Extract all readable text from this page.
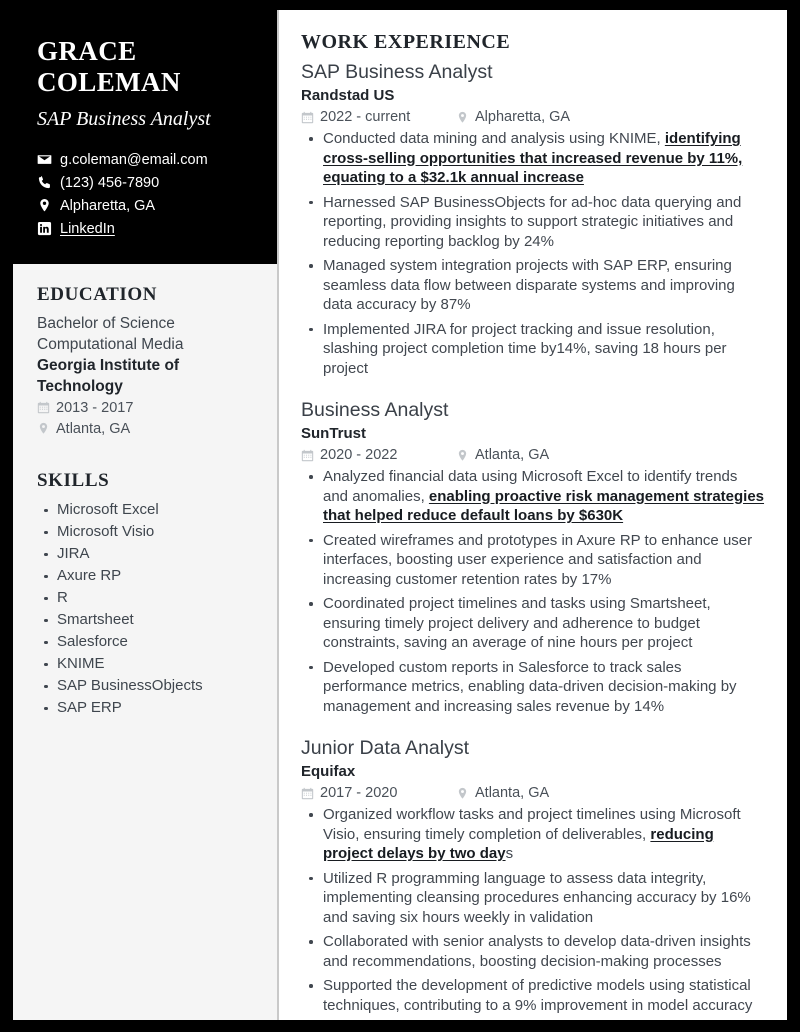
GRACE
COLEMAN
SAP Business Analyst
g.coleman@email.com
(123) 456-7890
Alpharetta, GA
LinkedIn
EDUCATION
Bachelor of Science
Computational Media
Georgia Institute of Technology
2013 - 2017
Atlanta, GA
SKILLS
Microsoft Excel
Microsoft Visio
JIRA
Axure RP
R
Smartsheet
Salesforce
KNIME
SAP BusinessObjects
SAP ERP
WORK EXPERIENCE
SAP Business Analyst
Randstad US
2022 - current	Alpharetta, GA
Conducted data mining and analysis using KNIME, identifying cross-selling opportunities that increased revenue by 11%, equating to a $32.1k annual increase
Harnessed SAP BusinessObjects for ad-hoc data querying and reporting, providing insights to support strategic initiatives and reducing reporting backlog by 24%
Managed system integration projects with SAP ERP, ensuring seamless data flow between disparate systems and improving data accuracy by 87%
Implemented JIRA for project tracking and issue resolution, slashing project completion time by14%, saving 18 hours per project
Business Analyst
SunTrust
2020 - 2022	Atlanta, GA
Analyzed financial data using Microsoft Excel to identify trends and anomalies, enabling proactive risk management strategies that helped reduce default loans by $630K
Created wireframes and prototypes in Axure RP to enhance user interfaces, boosting user experience and satisfaction and increasing customer retention rates by 17%
Coordinated project timelines and tasks using Smartsheet, ensuring timely project delivery and adherence to budget constraints, saving an average of nine hours per project
Developed custom reports in Salesforce to track sales performance metrics, enabling data-driven decision-making by management and increasing sales revenue by 14%
Junior Data Analyst
Equifax
2017 - 2020	Atlanta, GA
Organized workflow tasks and project timelines using Microsoft Visio, ensuring timely completion of deliverables, reducing project delays by two days
Utilized R programming language to assess data integrity, implementing cleansing procedures enhancing accuracy by 16% and saving six hours weekly in validation
Collaborated with senior analysts to develop data-driven insights and recommendations, boosting decision-making processes
Supported the development of predictive models using statistical techniques, contributing to a 9% improvement in model accuracy
